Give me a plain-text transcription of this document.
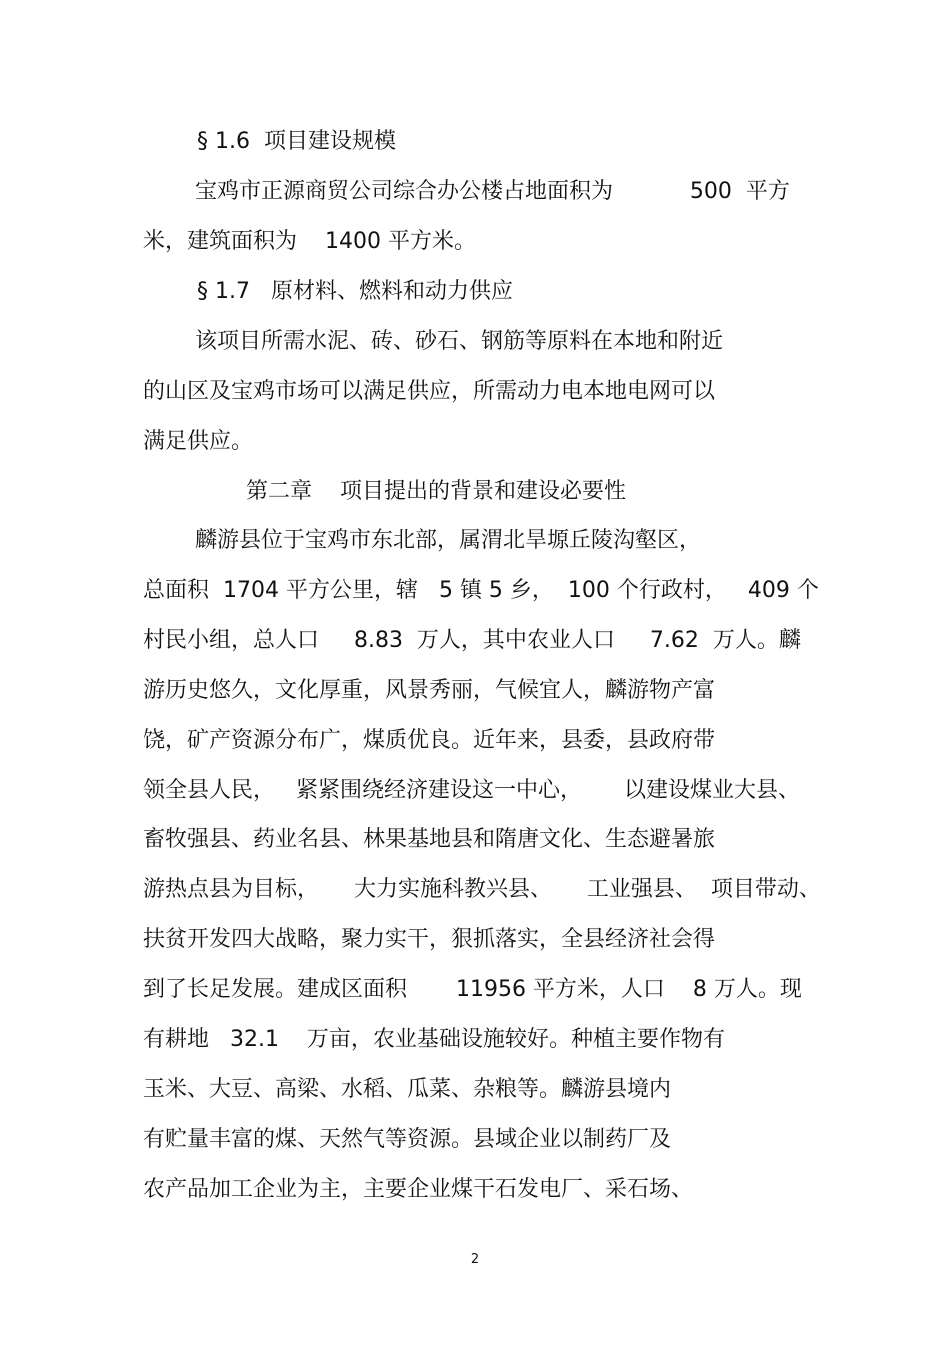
§ 1.6  项目建设规模
宝鸡市正源商贸公司综合办公楼占地面积为           500  平方
米，建筑面积为    1400 平方米。
§ 1.7   原材料、燃料和动力供应
该项目所需水泥、砖、砂石、钢筋等原料在本地和附近
的山区及宝鸡市场可以满足供应，所需动力电本地电网可以
满足供应。
第二章    项目提出的背景和建设必要性
麟游县位于宝鸡市东北部，属渭北旱塬丘陵沟壑区，
总面积  1704 平方公里，辖   5 镇 5 乡，  100 个行政村，   409 个
村民小组，总人口     8.83  万人，其中农业人口     7.62  万人。麟
游历史悠久，文化厚重，风景秀丽，气候宜人，麟游物产富
饶，矿产资源分布广，煤质优良。近年来，县委，县政府带
领全县人民，   紧紧围绕经济建设这一中心，      以建设煤业大县、
畜牧强县、药业名县、林果基地县和隋唐文化、生态避暑旅
游热点县为目标，     大力实施科教兴县、     工业强县、  项目带动、
扶贫开发四大战略，聚力实干，狠抓落实，全县经济社会得
到了长足发展。建成区面积       11956 平方米，人口    8 万人。现
有耕地   32.1    万亩，农业基础设施较好。种植主要作物有
玉米、大豆、高梁、水稻、瓜菜、杂粮等。麟游县境内
有贮量丰富的煤、天然气等资源。县域企业以制药厂及
农产品加工企业为主，主要企业煤干石发电厂、采石场、
2
